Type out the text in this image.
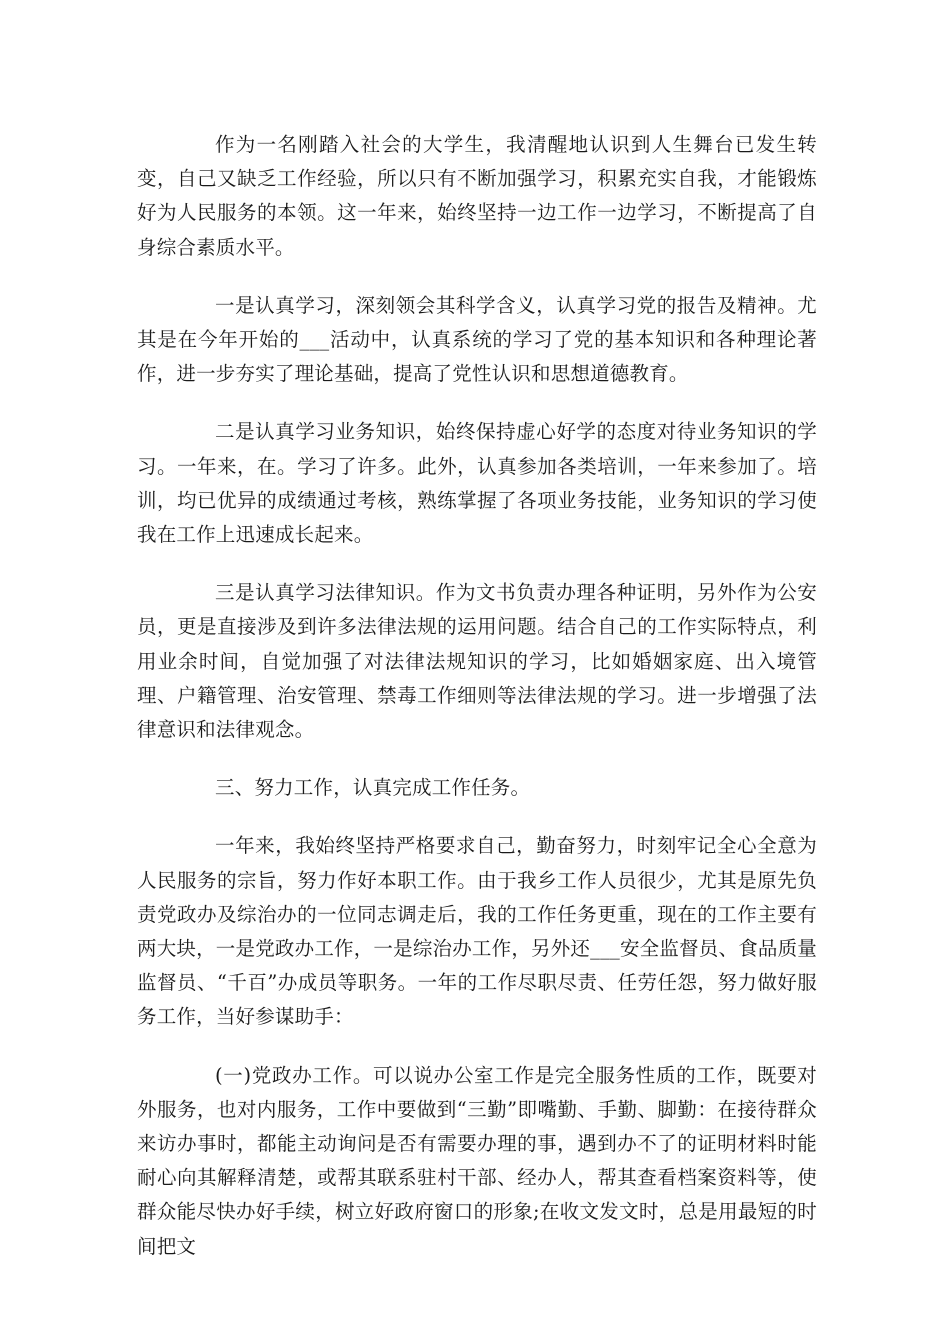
作为一名刚踏入社会的大学生，我清醒地认识到人生舞台已发生转变，自己又缺乏工作经验，所以只有不断加强学习，积累充实自我，才能锻炼好为人民服务的本领。这一年来，始终坚持一边工作一边学习，不断提高了自身综合素质水平。

一是认真学习，深刻领会其科学含义，认真学习党的报告及精神。尤其是在今年开始的___活动中，认真系统的学习了党的基本知识和各种理论著作，进一步夯实了理论基础，提高了党性认识和思想道德教育。

二是认真学习业务知识，始终保持虚心好学的态度对待业务知识的学习。一年来，在。学习了许多。此外，认真参加各类培训，一年来参加了。培训，均已优异的成绩通过考核，熟练掌握了各项业务技能，业务知识的学习使我在工作上迅速成长起来。

三是认真学习法律知识。作为文书负责办理各种证明，另外作为公安员，更是直接涉及到许多法律法规的运用问题。结合自己的工作实际特点，利用业余时间，自觉加强了对法律法规知识的学习，比如婚姻家庭、出入境管理、户籍管理、治安管理、禁毒工作细则等法律法规的学习。进一步增强了法律意识和法律观念。

三、努力工作，认真完成工作任务。

一年来，我始终坚持严格要求自己，勤奋努力，时刻牢记全心全意为人民服务的宗旨，努力作好本职工作。由于我乡工作人员很少，尤其是原先负责党政办及综治办的一位同志调走后，我的工作任务更重，现在的工作主要有两大块，一是党政办工作，一是综治办工作，另外还___安全监督员、食品质量监督员、“千百”办成员等职务。一年的工作尽职尽责、任劳任怨，努力做好服务工作，当好参谋助手：

(一)党政办工作。可以说办公室工作是完全服务性质的工作，既要对外服务，也对内服务，工作中要做到“三勤”即嘴勤、手勤、脚勤：在接待群众来访办事时，都能主动询问是否有需要办理的事，遇到办不了的证明材料时能耐心向其解释清楚，或帮其联系驻村干部、经办人，帮其查看档案资料等，使群众能尽快办好手续，树立好政府窗口的形象;在收文发文时，总是用最短的时间把文
